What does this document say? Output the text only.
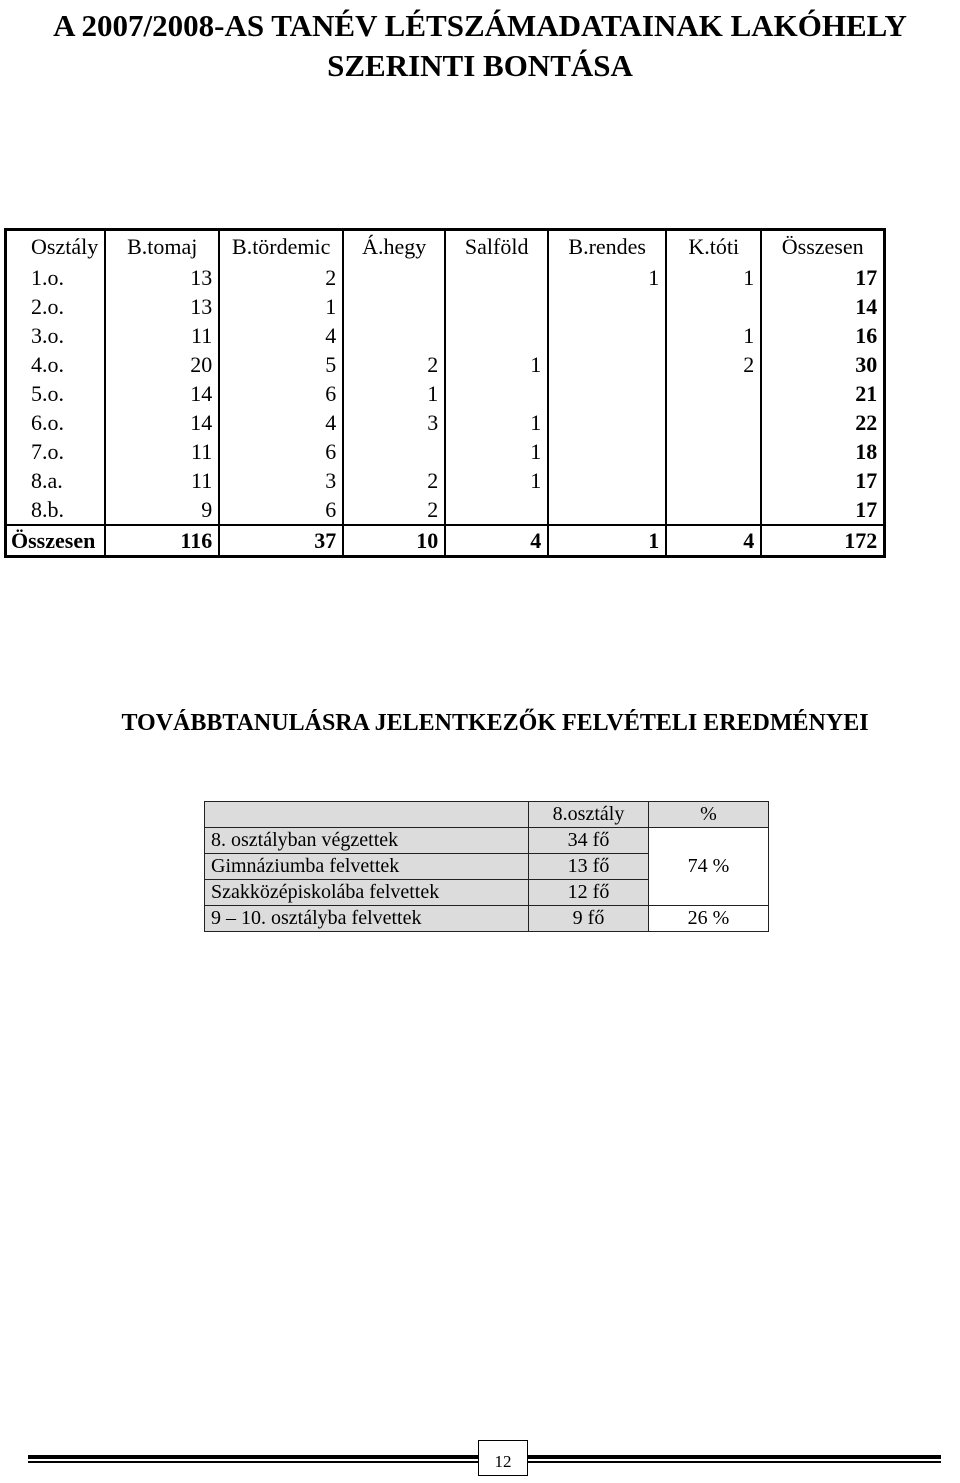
A 2007/2008-AS TANÉV LÉTSZÁMADATAINAK LAKÓHELY
SZERINTI BONTÁSA
Osztály	B.tomaj	B.tördemic	Á.hegy	Salföld	B.rendes	K.tóti	Összesen
1.o.	13	2			1	1	17
2.o.	13	1					14
3.o.	11	4				1	16
4.o.	20	5	2	1		2	30
5.o.	14	6	1				21
6.o.	14	4	3	1			22
7.o.	11	6		1			18
8.a.	11	3	2	1			17
8.b.	9	6	2				17
Összesen	116	37	10	4	1	4	172
TOVÁBBTANULÁSRA JELENTKEZŐK FELVÉTELI EREDMÉNYEI
	8.osztály	%
8. osztályban végzettek	34 fő	
Gimnáziumba felvettek	13 fő	74 %
Szakközépiskolába felvettek	12 fő	
9 – 10. osztályba felvettek	9 fő	26 %
12
